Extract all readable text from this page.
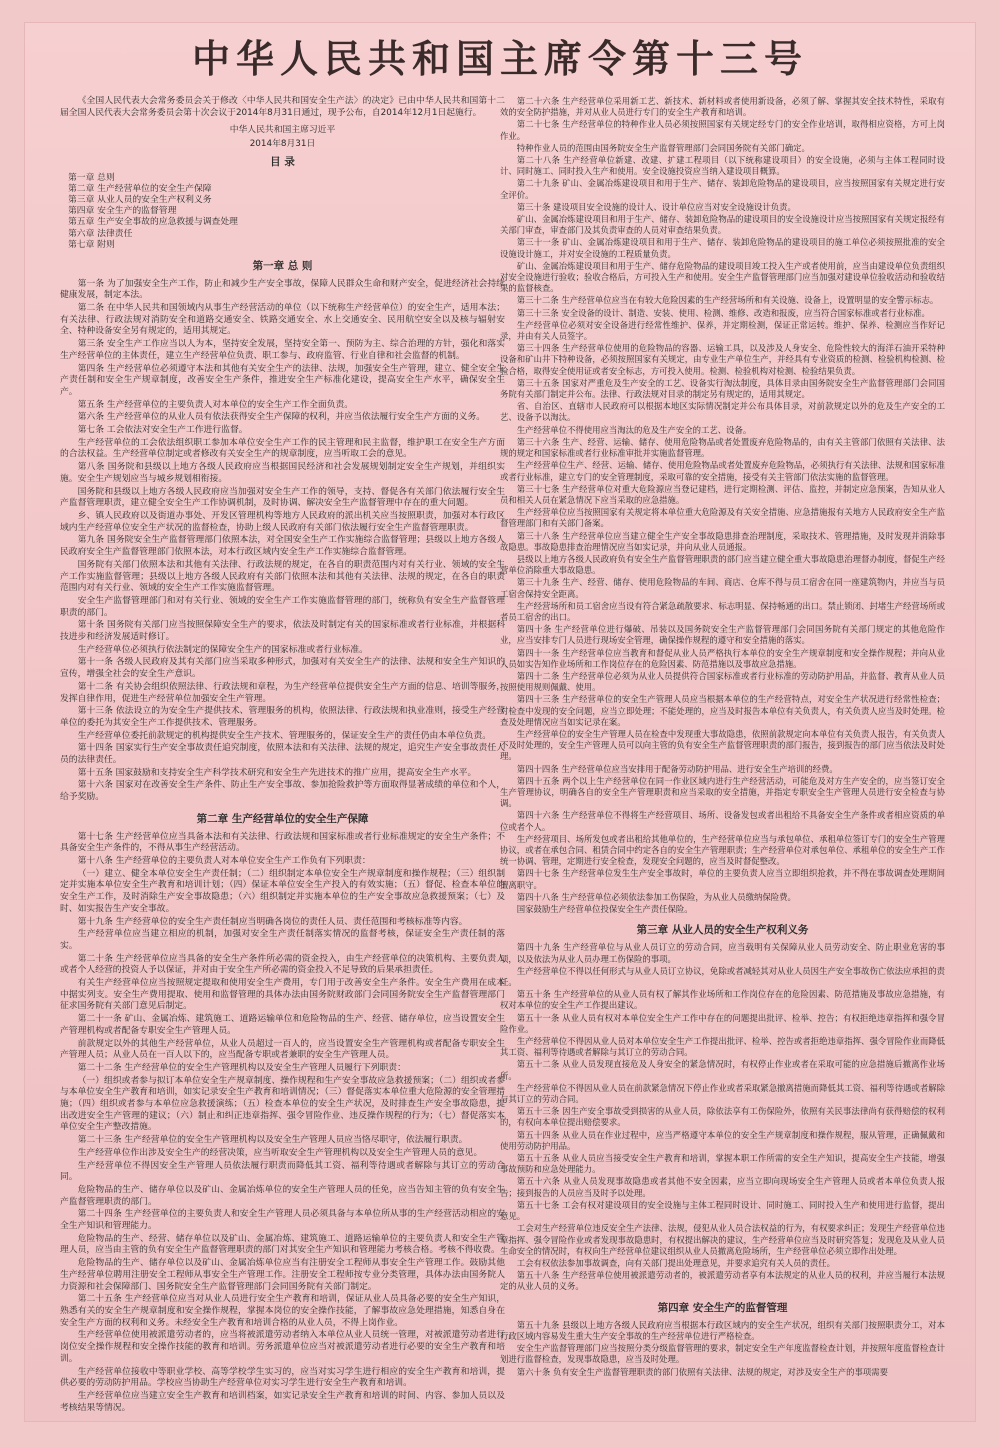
中华人民共和国主席令第十三号

《全国人民代表大会常务委员会关于修改〈中华人民共和国安全生产法〉的决定》已由中华人民共和国第十二届全国人民代表大会常务委员会第十次会议于2014年8月31日通过，现予公布，自2014年12月1日起施行。

中华人民共和国主席习近平

2014年8月31日

目 录
第一章 总则
第二章 生产经营单位的安全生产保障
第三章 从业人员的安全生产权利义务
第四章 安全生产的监督管理
第五章 生产安全事故的应急救援与调查处理
第六章 法律责任
第七章 附则
第一章 总 则

第一条 为了加强安全生产工作，防止和减少生产安全事故，保障人民群众生命和财产安全，促进经济社会持续健康发展，制定本法。

第二条 在中华人民共和国领域内从事生产经营活动的单位（以下统称生产经营单位）的安全生产，适用本法；有关法律、行政法规对消防安全和道路交通安全、铁路交通安全、水上交通安全、民用航空安全以及核与辐射安全、特种设备安全另有规定的，适用其规定。

第三条 安全生产工作应当以人为本，坚持安全发展，坚持安全第一、预防为主、综合治理的方针，强化和落实生产经营单位的主体责任，建立生产经营单位负责、职工参与、政府监管、行业自律和社会监督的机制。

第四条 生产经营单位必须遵守本法和其他有关安全生产的法律、法规，加强安全生产管理，建立、健全安全生产责任制和安全生产规章制度，改善安全生产条件，推进安全生产标准化建设，提高安全生产水平，确保安全生产。

第五条 生产经营单位的主要负责人对本单位的安全生产工作全面负责。

第六条 生产经营单位的从业人员有依法获得安全生产保障的权利，并应当依法履行安全生产方面的义务。

第七条 工会依法对安全生产工作进行监督。

生产经营单位的工会依法组织职工参加本单位安全生产工作的民主管理和民主监督，维护职工在安全生产方面的合法权益。生产经营单位制定或者修改有关安全生产的规章制度，应当听取工会的意见。

第八条 国务院和县级以上地方各级人民政府应当根据国民经济和社会发展规划制定安全生产规划，并组织实施。安全生产规划应当与城乡规划相衔接。

国务院和县级以上地方各级人民政府应当加强对安全生产工作的领导，支持、督促各有关部门依法履行安全生产监督管理职责，建立健全安全生产工作协调机制，及时协调、解决安全生产监督管理中存在的重大问题。

乡、镇人民政府以及街道办事处、开发区管理机构等地方人民政府的派出机关应当按照职责，加强对本行政区域内生产经营单位安全生产状况的监督检查，协助上级人民政府有关部门依法履行安全生产监督管理职责。

第九条 国务院安全生产监督管理部门依照本法，对全国安全生产工作实施综合监督管理；县级以上地方各级人民政府安全生产监督管理部门依照本法，对本行政区域内安全生产工作实施综合监督管理。

国务院有关部门依照本法和其他有关法律、行政法规的规定，在各自的职责范围内对有关行业、领域的安全生产工作实施监督管理；县级以上地方各级人民政府有关部门依照本法和其他有关法律、法规的规定，在各自的职责范围内对有关行业、领域的安全生产工作实施监督管理。

安全生产监督管理部门和对有关行业、领域的安全生产工作实施监督管理的部门，统称负有安全生产监督管理职责的部门。

第十条 国务院有关部门应当按照保障安全生产的要求，依法及时制定有关的国家标准或者行业标准，并根据科技进步和经济发展适时修订。

生产经营单位必须执行依法制定的保障安全生产的国家标准或者行业标准。

第十一条 各级人民政府及其有关部门应当采取多种形式，加强对有关安全生产的法律、法规和安全生产知识的宣传，增强全社会的安全生产意识。

第十二条 有关协会组织依照法律、行政法规和章程，为生产经营单位提供安全生产方面的信息、培训等服务，发挥自律作用，促进生产经营单位加强安全生产管理。

第十三条 依法设立的为安全生产提供技术、管理服务的机构，依照法律、行政法规和执业准则，接受生产经营单位的委托为其安全生产工作提供技术、管理服务。

生产经营单位委托前款规定的机构提供安全生产技术、管理服务的，保证安全生产的责任仍由本单位负责。

第十四条 国家实行生产安全事故责任追究制度，依照本法和有关法律、法规的规定，追究生产安全事故责任人员的法律责任。

第十五条 国家鼓励和支持安全生产科学技术研究和安全生产先进技术的推广应用，提高安全生产水平。

第十六条 国家对在改善安全生产条件、防止生产安全事故、参加抢险救护等方面取得显著成绩的单位和个人，给予奖励。

第二章 生产经营单位的安全生产保障

第十七条 生产经营单位应当具备本法和有关法律、行政法规和国家标准或者行业标准规定的安全生产条件；不具备安全生产条件的，不得从事生产经营活动。

第十八条 生产经营单位的主要负责人对本单位安全生产工作负有下列职责：

（一）建立、健全本单位安全生产责任制；（二）组织制定本单位安全生产规章制度和操作规程；（三）组织制定并实施本单位安全生产教育和培训计划；（四）保证本单位安全生产投入的有效实施；（五）督促、检查本单位的安全生产工作，及时消除生产安全事故隐患；（六）组织制定并实施本单位的生产安全事故应急救援预案；（七）及时、如实报告生产安全事故。

第十九条 生产经营单位的安全生产责任制应当明确各岗位的责任人员、责任范围和考核标准等内容。

生产经营单位应当建立相应的机制，加强对安全生产责任制落实情况的监督考核，保证安全生产责任制的落实。

第二十条 生产经营单位应当具备的安全生产条件所必需的资金投入，由生产经营单位的决策机构、主要负责人或者个人经营的投资人予以保证，并对由于安全生产所必需的资金投入不足导致的后果承担责任。

有关生产经营单位应当按照规定提取和使用安全生产费用，专门用于改善安全生产条件。安全生产费用在成本中据实列支。安全生产费用提取、使用和监督管理的具体办法由国务院财政部门会同国务院安全生产监督管理部门征求国务院有关部门意见后制定。

第二十一条 矿山、金属冶炼、建筑施工、道路运输单位和危险物品的生产、经营、储存单位，应当设置安全生产管理机构或者配备专职安全生产管理人员。

前款规定以外的其他生产经营单位，从业人员超过一百人的，应当设置安全生产管理机构或者配备专职安全生产管理人员；从业人员在一百人以下的，应当配备专职或者兼职的安全生产管理人员。

第二十二条 生产经营单位的安全生产管理机构以及安全生产管理人员履行下列职责：

（一）组织或者参与拟订本单位安全生产规章制度、操作规程和生产安全事故应急救援预案；（二）组织或者参与本单位安全生产教育和培训，如实记录安全生产教育和培训情况；（三）督促落实本单位重大危险源的安全管理措施；（四）组织或者参与本单位应急救援演练；（五）检查本单位的安全生产状况，及时排查生产安全事故隐患，提出改进安全生产管理的建议；（六）制止和纠正违章指挥、强令冒险作业、违反操作规程的行为；（七）督促落实本单位安全生产整改措施。

第二十三条 生产经营单位的安全生产管理机构以及安全生产管理人员应当恪尽职守，依法履行职责。

生产经营单位作出涉及安全生产的经营决策，应当听取安全生产管理机构以及安全生产管理人员的意见。

生产经营单位不得因安全生产管理人员依法履行职责而降低其工资、福利等待遇或者解除与其订立的劳动合同。

危险物品的生产、储存单位以及矿山、金属冶炼单位的安全生产管理人员的任免，应当告知主管的负有安全生产监督管理职责的部门。

第二十四条 生产经营单位的主要负责人和安全生产管理人员必须具备与本单位所从事的生产经营活动相应的安全生产知识和管理能力。

危险物品的生产、经营、储存单位以及矿山、金属冶炼、建筑施工、道路运输单位的主要负责人和安全生产管理人员，应当由主管的负有安全生产监督管理职责的部门对其安全生产知识和管理能力考核合格。考核不得收费。

危险物品的生产、储存单位以及矿山、金属冶炼单位应当有注册安全工程师从事安全生产管理工作。鼓励其他生产经营单位聘用注册安全工程师从事安全生产管理工作。注册安全工程师按专业分类管理，具体办法由国务院人力资源和社会保障部门、国务院安全生产监督管理部门会同国务院有关部门制定。

第二十五条 生产经营单位应当对从业人员进行安全生产教育和培训，保证从业人员具备必要的安全生产知识，熟悉有关的安全生产规章制度和安全操作规程，掌握本岗位的安全操作技能，了解事故应急处理措施，知悉自身在安全生产方面的权利和义务。未经安全生产教育和培训合格的从业人员，不得上岗作业。

生产经营单位使用被派遣劳动者的，应当将被派遣劳动者纳入本单位从业人员统一管理，对被派遣劳动者进行岗位安全操作规程和安全操作技能的教育和培训。劳务派遣单位应当对被派遣劳动者进行必要的安全生产教育和培训。

生产经营单位接收中等职业学校、高等学校学生实习的，应当对实习学生进行相应的安全生产教育和培训，提供必要的劳动防护用品。学校应当协助生产经营单位对实习学生进行安全生产教育和培训。

生产经营单位应当建立安全生产教育和培训档案，如实记录安全生产教育和培训的时间、内容、参加人员以及考核结果等情况。

第二十六条 生产经营单位采用新工艺、新技术、新材料或者使用新设备，必须了解、掌握其安全技术特性，采取有效的安全防护措施，并对从业人员进行专门的安全生产教育和培训。

第二十七条 生产经营单位的特种作业人员必须按照国家有关规定经专门的安全作业培训，取得相应资格，方可上岗作业。

特种作业人员的范围由国务院安全生产监督管理部门会同国务院有关部门确定。

第二十八条 生产经营单位新建、改建、扩建工程项目（以下统称建设项目）的安全设施，必须与主体工程同时设计、同时施工、同时投入生产和使用。安全设施投资应当纳入建设项目概算。

第二十九条 矿山、金属冶炼建设项目和用于生产、储存、装卸危险物品的建设项目，应当按照国家有关规定进行安全评价。

第三十条 建设项目安全设施的设计人、设计单位应当对安全设施设计负责。

矿山、金属冶炼建设项目和用于生产、储存、装卸危险物品的建设项目的安全设施设计应当按照国家有关规定报经有关部门审查，审查部门及其负责审查的人员对审查结果负责。

第三十一条 矿山、金属冶炼建设项目和用于生产、储存、装卸危险物品的建设项目的施工单位必须按照批准的安全设施设计施工，并对安全设施的工程质量负责。

矿山、金属冶炼建设项目和用于生产、储存危险物品的建设项目竣工投入生产或者使用前，应当由建设单位负责组织对安全设施进行验收；验收合格后，方可投入生产和使用。安全生产监督管理部门应当加强对建设单位验收活动和验收结果的监督核查。

第三十二条 生产经营单位应当在有较大危险因素的生产经营场所和有关设施、设备上，设置明显的安全警示标志。

第三十三条 安全设备的设计、制造、安装、使用、检测、维修、改造和报废，应当符合国家标准或者行业标准。

生产经营单位必须对安全设备进行经常性维护、保养，并定期检测，保证正常运转。维护、保养、检测应当作好记录，并由有关人员签字。

第三十四条 生产经营单位使用的危险物品的容器、运输工具，以及涉及人身安全、危险性较大的海洋石油开采特种设备和矿山井下特种设备，必须按照国家有关规定，由专业生产单位生产，并经具有专业资质的检测、检验机构检测、检验合格，取得安全使用证或者安全标志，方可投入使用。检测、检验机构对检测、检验结果负责。

第三十五条 国家对严重危及生产安全的工艺、设备实行淘汰制度，具体目录由国务院安全生产监督管理部门会同国务院有关部门制定并公布。法律、行政法规对目录的制定另有规定的，适用其规定。

省、自治区、直辖市人民政府可以根据本地区实际情况制定并公布具体目录，对前款规定以外的危及生产安全的工艺、设备予以淘汰。

生产经营单位不得使用应当淘汰的危及生产安全的工艺、设备。

第三十六条 生产、经营、运输、储存、使用危险物品或者处置废弃危险物品的，由有关主管部门依照有关法律、法规的规定和国家标准或者行业标准审批并实施监督管理。

生产经营单位生产、经营、运输、储存、使用危险物品或者处置废弃危险物品，必须执行有关法律、法规和国家标准或者行业标准，建立专门的安全管理制度，采取可靠的安全措施，接受有关主管部门依法实施的监督管理。

第三十七条 生产经营单位对重大危险源应当登记建档，进行定期检测、评估、监控，并制定应急预案，告知从业人员和相关人员在紧急情况下应当采取的应急措施。

生产经营单位应当按照国家有关规定将本单位重大危险源及有关安全措施、应急措施报有关地方人民政府安全生产监督管理部门和有关部门备案。

第三十八条 生产经营单位应当建立健全生产安全事故隐患排查治理制度，采取技术、管理措施，及时发现并消除事故隐患。事故隐患排查治理情况应当如实记录，并向从业人员通报。

县级以上地方各级人民政府负有安全生产监督管理职责的部门应当建立健全重大事故隐患治理督办制度，督促生产经营单位消除重大事故隐患。

第三十九条 生产、经营、储存、使用危险物品的车间、商店、仓库不得与员工宿舍在同一座建筑物内，并应当与员工宿舍保持安全距离。

生产经营场所和员工宿舍应当设有符合紧急疏散要求、标志明显、保持畅通的出口。禁止锁闭、封堵生产经营场所或者员工宿舍的出口。

第四十条 生产经营单位进行爆破、吊装以及国务院安全生产监督管理部门会同国务院有关部门规定的其他危险作业，应当安排专门人员进行现场安全管理，确保操作规程的遵守和安全措施的落实。

第四十一条 生产经营单位应当教育和督促从业人员严格执行本单位的安全生产规章制度和安全操作规程；并向从业人员如实告知作业场所和工作岗位存在的危险因素、防范措施以及事故应急措施。

第四十二条 生产经营单位必须为从业人员提供符合国家标准或者行业标准的劳动防护用品，并监督、教育从业人员按照使用规则佩戴、使用。

第四十三条 生产经营单位的安全生产管理人员应当根据本单位的生产经营特点，对安全生产状况进行经常性检查；对检查中发现的安全问题，应当立即处理；不能处理的，应当及时报告本单位有关负责人，有关负责人应当及时处理。检查及处理情况应当如实记录在案。

生产经营单位的安全生产管理人员在检查中发现重大事故隐患，依照前款规定向本单位有关负责人报告，有关负责人不及时处理的，安全生产管理人员可以向主管的负有安全生产监督管理职责的部门报告，接到报告的部门应当依法及时处理。

第四十四条 生产经营单位应当安排用于配备劳动防护用品、进行安全生产培训的经费。

第四十五条 两个以上生产经营单位在同一作业区域内进行生产经营活动，可能危及对方生产安全的，应当签订安全生产管理协议，明确各自的安全生产管理职责和应当采取的安全措施，并指定专职安全生产管理人员进行安全检查与协调。

第四十六条 生产经营单位不得将生产经营项目、场所、设备发包或者出租给不具备安全生产条件或者相应资质的单位或者个人。

生产经营项目、场所发包或者出租给其他单位的，生产经营单位应当与承包单位、承租单位签订专门的安全生产管理协议，或者在承包合同、租赁合同中约定各自的安全生产管理职责；生产经营单位对承包单位、承租单位的安全生产工作统一协调、管理，定期进行安全检查，发现安全问题的，应当及时督促整改。

第四十七条 生产经营单位发生生产安全事故时，单位的主要负责人应当立即组织抢救，并不得在事故调查处理期间擅离职守。

第四十八条 生产经营单位必须依法参加工伤保险，为从业人员缴纳保险费。

国家鼓励生产经营单位投保安全生产责任保险。

第三章 从业人员的安全生产权利义务

第四十九条 生产经营单位与从业人员订立的劳动合同，应当载明有关保障从业人员劳动安全、防止职业危害的事项，以及依法为从业人员办理工伤保险的事项。

生产经营单位不得以任何形式与从业人员订立协议，免除或者减轻其对从业人员因生产安全事故伤亡依法应承担的责任。

第五十条 生产经营单位的从业人员有权了解其作业场所和工作岗位存在的危险因素、防范措施及事故应急措施，有权对本单位的安全生产工作提出建议。

第五十一条 从业人员有权对本单位安全生产工作中存在的问题提出批评、检举、控告；有权拒绝违章指挥和强令冒险作业。

生产经营单位不得因从业人员对本单位安全生产工作提出批评、检举、控告或者拒绝违章指挥、强令冒险作业而降低其工资、福利等待遇或者解除与其订立的劳动合同。

第五十二条 从业人员发现直接危及人身安全的紧急情况时，有权停止作业或者在采取可能的应急措施后撤离作业场所。

生产经营单位不得因从业人员在前款紧急情况下停止作业或者采取紧急撤离措施而降低其工资、福利等待遇或者解除与其订立的劳动合同。

第五十三条 因生产安全事故受到损害的从业人员，除依法享有工伤保险外，依照有关民事法律尚有获得赔偿的权利的，有权向本单位提出赔偿要求。

第五十四条 从业人员在作业过程中，应当严格遵守本单位的安全生产规章制度和操作规程，服从管理，正确佩戴和使用劳动防护用品。

第五十五条 从业人员应当接受安全生产教育和培训，掌握本职工作所需的安全生产知识，提高安全生产技能，增强事故预防和应急处理能力。

第五十六条 从业人员发现事故隐患或者其他不安全因素，应当立即向现场安全生产管理人员或者本单位负责人报告；接到报告的人员应当及时予以处理。

第五十七条 工会有权对建设项目的安全设施与主体工程同时设计、同时施工、同时投入生产和使用进行监督，提出意见。

工会对生产经营单位违反安全生产法律、法规，侵犯从业人员合法权益的行为，有权要求纠正；发现生产经营单位违章指挥、强令冒险作业或者发现事故隐患时，有权提出解决的建议，生产经营单位应当及时研究答复；发现危及从业人员生命安全的情况时，有权向生产经营单位建议组织从业人员撤离危险场所，生产经营单位必须立即作出处理。

工会有权依法参加事故调查，向有关部门提出处理意见，并要求追究有关人员的责任。

第五十八条 生产经营单位使用被派遣劳动者的，被派遣劳动者享有本法规定的从业人员的权利，并应当履行本法规定的从业人员的义务。

第四章 安全生产的监督管理

第五十九条 县级以上地方各级人民政府应当根据本行政区域内的安全生产状况，组织有关部门按照职责分工，对本行政区域内容易发生重大生产安全事故的生产经营单位进行严格检查。

安全生产监督管理部门应当按照分类分级监督管理的要求，制定安全生产年度监督检查计划，并按照年度监督检查计划进行监督检查，发现事故隐患，应当及时处理。

第六十条 负有安全生产监督管理职责的部门依照有关法律、法规的规定，对涉及安全生产的事项需要
